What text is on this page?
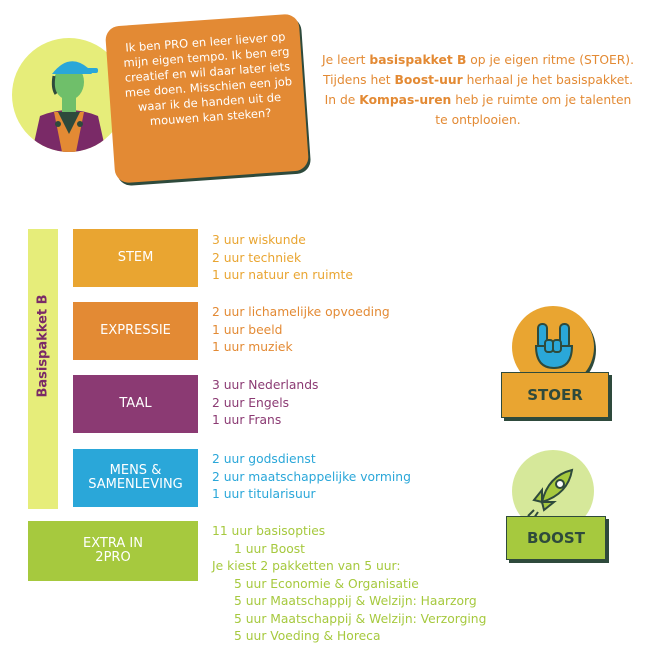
Ik ben PRO en leer liever op mijn eigen tempo. Ik ben erg creatief en wil daar later iets mee doen. Misschien een job waar ik de handen uit de mouwen kan steken?
Je leert basispakket B op je eigen ritme (STOER). Tijdens het Boost-uur herhaal je het basispakket. In de Kompas-uren heb je ruimte om je talenten te ontplooien.
Basispakket B
STEM
3 uur wiskunde
2 uur techniek
1 uur natuur en ruimte
EXPRESSIE
2 uur lichamelijke opvoeding
1 uur beeld
1 uur muziek
TAAL
3 uur Nederlands
2 uur Engels
1 uur Frans
MENS &
SAMENLEVING
2 uur godsdienst
2 uur maatschappelijke vorming
1 uur titularisuur
EXTRA IN
2PRO
11 uur basisopties
1 uur Boost
Je kiest 2 pakketten van 5 uur:
5 uur Economie & Organisatie
5 uur Maatschappij & Welzijn: Haarzorg
5 uur Maatschappij & Welzijn: Verzorging
5 uur Voeding & Horeca
STOER
BOOST
